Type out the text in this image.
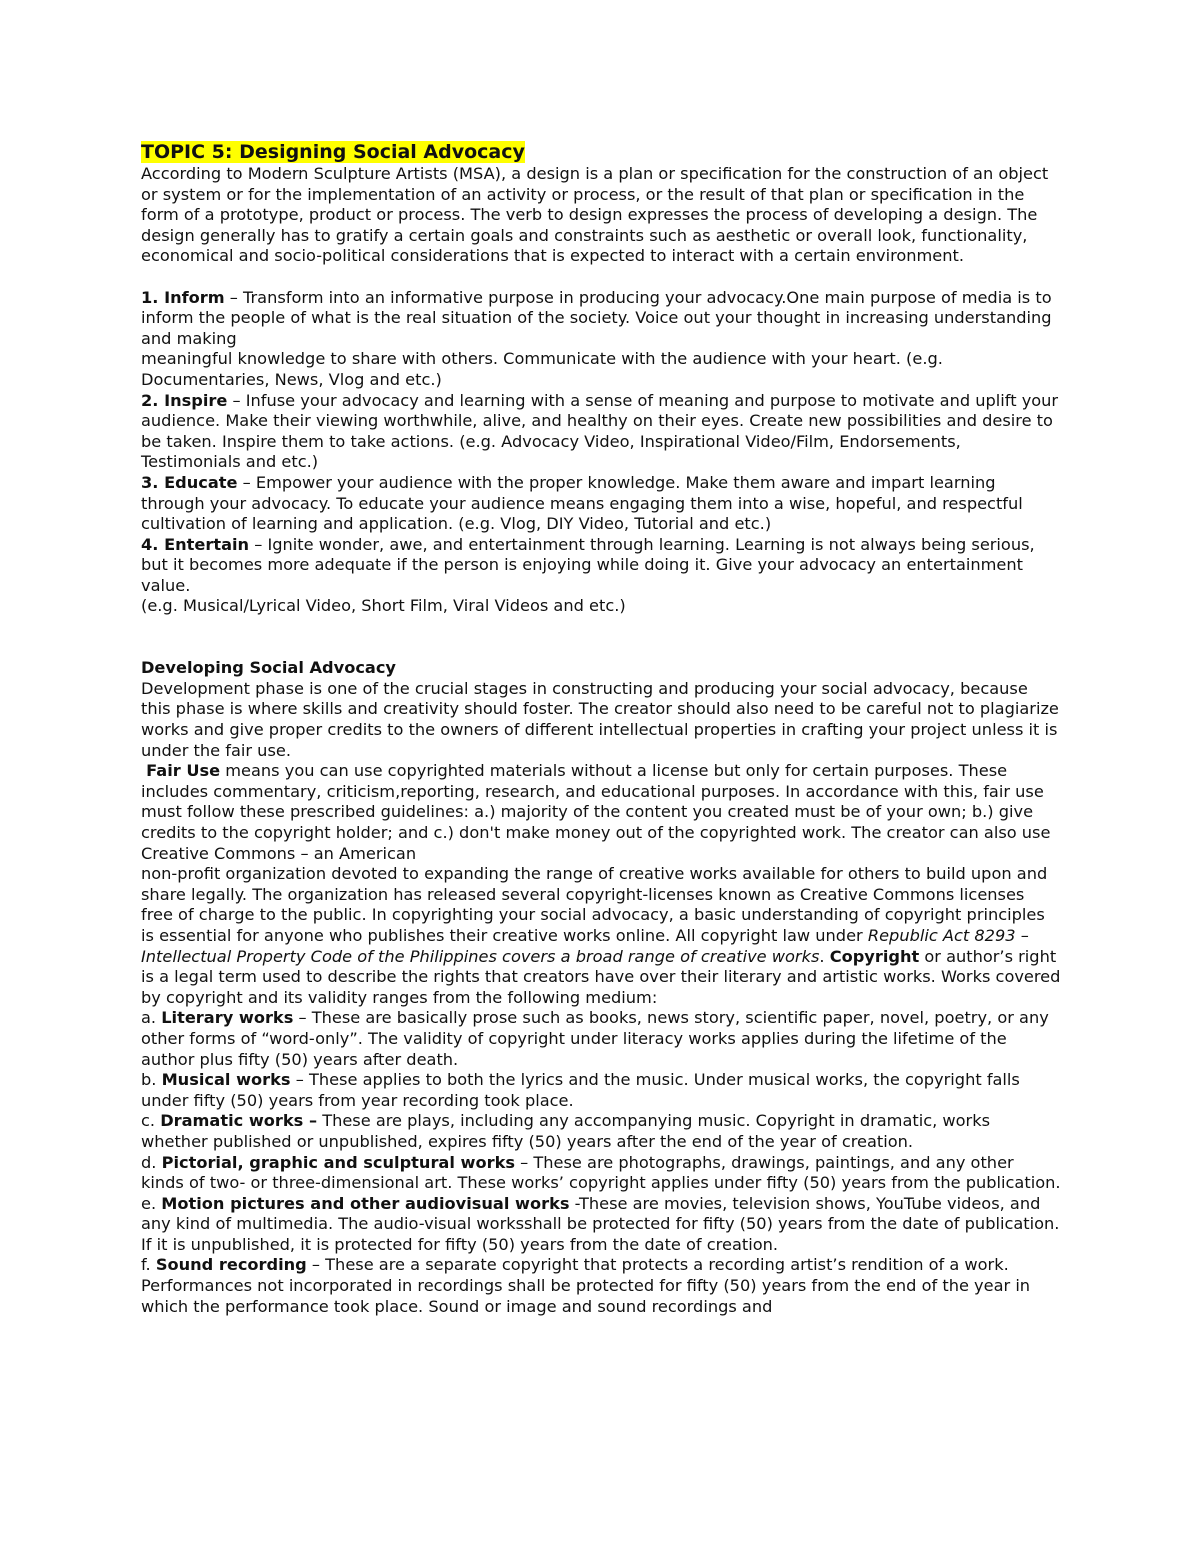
TOPIC 5: Designing Social Advocacy

According to Modern Sculpture Artists (MSA), a design is a plan or specification for the construction of an object or system or for the implementation of an activity or process, or the result of that plan or specification in the form of a prototype, product or process. The verb to design expresses the process of developing a design. The design generally has to gratify a certain goals and constraints such as aesthetic or overall look, functionality, economical and socio-political considerations that is expected to interact with a certain environment.

1. Inform – Transform into an informative purpose in producing your advocacy.One main purpose of media is to inform the people of what is the real situation of the society. Voice out your thought in increasing understanding and making

meaningful knowledge to share with others. Communicate with the audience with your heart. (e.g. Documentaries, News, Vlog and etc.)

2. Inspire – Infuse your advocacy and learning with a sense of meaning and purpose to motivate and uplift your audience. Make their viewing worthwhile, alive, and healthy on their eyes. Create new possibilities and desire to be taken. Inspire them to take actions. (e.g. Advocacy Video, Inspirational Video/Film, Endorsements, Testimonials and etc.)

3. Educate – Empower your audience with the proper knowledge. Make them aware and impart learning through your advocacy. To educate your audience means engaging them into a wise, hopeful, and respectful cultivation of learning and application. (e.g. Vlog, DIY Video, Tutorial and etc.)

4. Entertain – Ignite wonder, awe, and entertainment through learning. Learning is not always being serious, but it becomes more adequate if the person is enjoying while doing it. Give your advocacy an entertainment value.

(e.g. Musical/Lyrical Video, Short Film, Viral Videos and etc.)

Developing Social Advocacy

Development phase is one of the crucial stages in constructing and producing your social advocacy, because this phase is where skills and creativity should foster. The creator should also need to be careful not to plagiarize works and give proper credits to the owners of different intellectual properties in crafting your project unless it is under the fair use.

Fair Use means you can use copyrighted materials without a license but only for certain purposes. These includes commentary, criticism,reporting, research, and educational purposes. In accordance with this, fair use must follow these prescribed guidelines: a.) majority of the content you created must be of your own; b.) give credits to the copyright holder; and c.) don't make money out of the copyrighted work. The creator can also use Creative Commons – an American

non-profit organization devoted to expanding the range of creative works available for others to build upon and share legally. The organization has released several copyright-licenses known as Creative Commons licenses free of charge to the public. In copyrighting your social advocacy, a basic understanding of copyright principles is essential for anyone who publishes their creative works online. All copyright law under Republic Act 8293 – Intellectual Property Code of the Philippines covers a broad range of creative works. Copyright or author’s right is a legal term used to describe the rights that creators have over their literary and artistic works. Works covered by copyright and its validity ranges from the following medium:

a. Literary works – These are basically prose such as books, news story, scientific paper, novel, poetry, or any other forms of “word-only”. The validity of copyright under literacy works applies during the lifetime of the author plus fifty (50) years after death.

b. Musical works – These applies to both the lyrics and the music. Under musical works, the copyright falls under fifty (50) years from year recording took place.

c. Dramatic works – These are plays, including any accompanying music. Copyright in dramatic, works whether published or unpublished, expires fifty (50) years after the end of the year of creation.

d. Pictorial, graphic and sculptural works – These are photographs, drawings, paintings, and any other kinds of two- or three-dimensional art. These works’ copyright applies under fifty (50) years from the publication.

e. Motion pictures and other audiovisual works -These are movies, television shows, YouTube videos, and any kind of multimedia. The audio-visual worksshall be protected for fifty (50) years from the date of publication. If it is unpublished, it is protected for fifty (50) years from the date of creation.

f. Sound recording – These are a separate copyright that protects a recording artist’s rendition of a work. Performances not incorporated in recordings shall be protected for fifty (50) years from the end of the year in which the performance took place. Sound or image and sound recordings and
